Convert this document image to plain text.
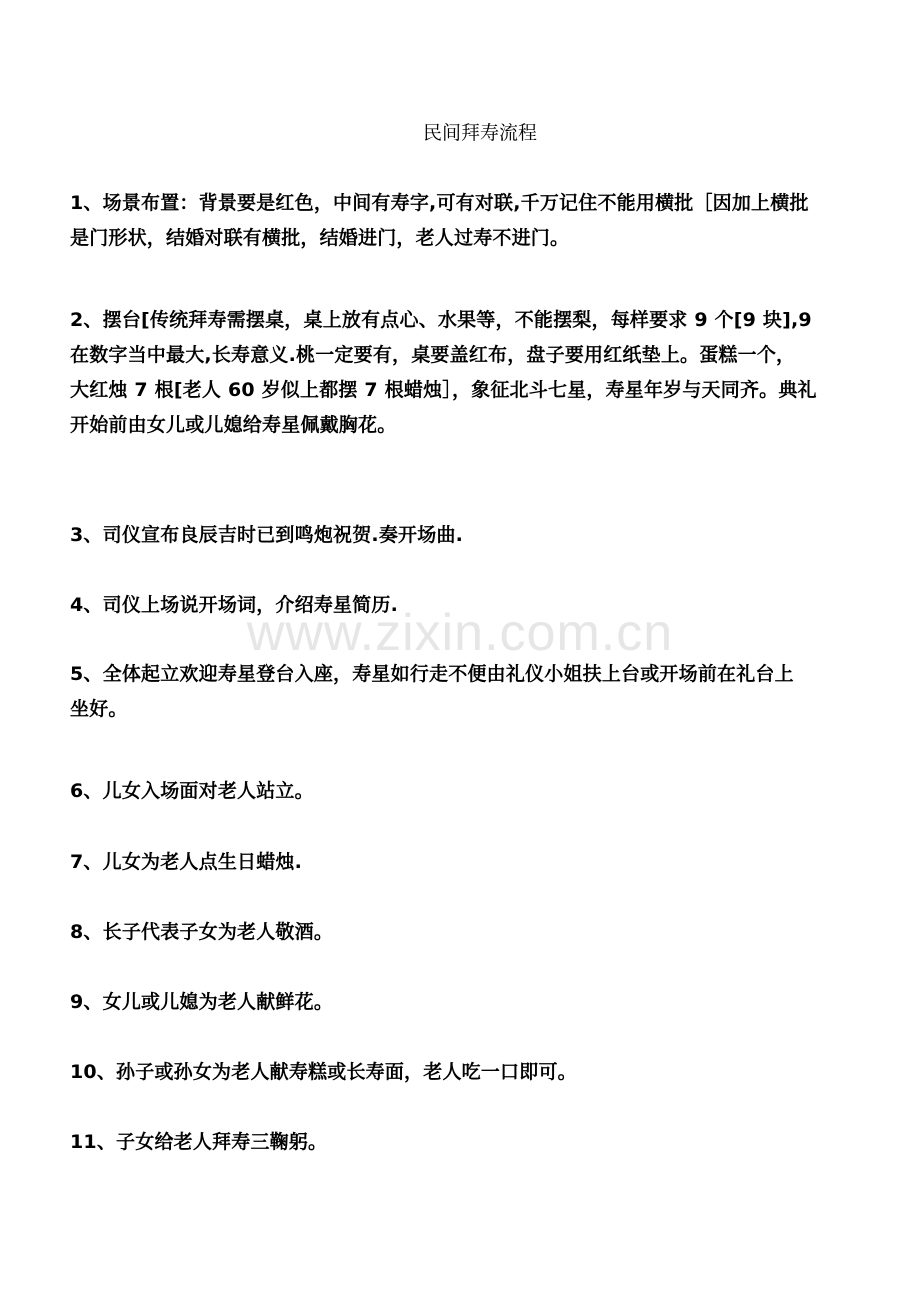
www.zixin.com.cn
民间拜寿流程
1、场景布置：背景要是红色，中间有寿字,可有对联,千万记住不能用横批［因加上横批
是门形状，结婚对联有横批，结婚进门，老人过寿不进门。
2、摆台[传统拜寿需摆桌，桌上放有点心、水果等，不能摆梨，每样要求 9 个[9 块],9
在数字当中最大,长寿意义.桃一定要有，桌要盖红布，盘子要用红纸垫上。蛋糕一个，
大红烛 7 根[老人 60 岁似上都摆 7 根蜡烛］，象征北斗七星，寿星年岁与天同齐。典礼
开始前由女儿或儿媳给寿星佩戴胸花。
3、司仪宣布良辰吉时已到鸣炮祝贺.奏开场曲.
4、司仪上场说开场词，介绍寿星简历.
5、全体起立欢迎寿星登台入座，寿星如行走不便由礼仪小姐扶上台或开场前在礼台上
坐好。
6、儿女入场面对老人站立。
7、儿女为老人点生日蜡烛.
8、长子代表子女为老人敬酒。
9、女儿或儿媳为老人献鲜花。
10、孙子或孙女为老人献寿糕或长寿面，老人吃一口即可。
11、子女给老人拜寿三鞠躬。
